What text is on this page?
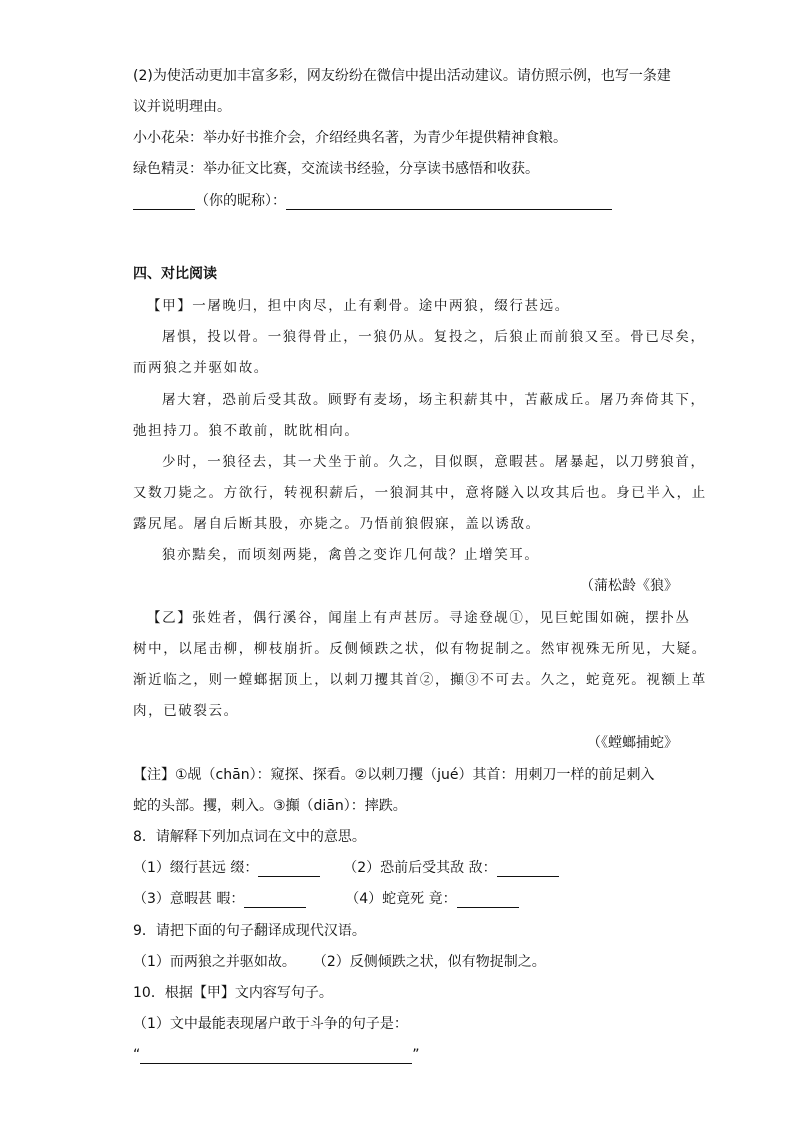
(2)为使活动更加丰富多彩，网友纷纷在微信中提出活动建议。请仿照示例，也写一条建
议并说明理由。
小小花朵：举办好书推介会，介绍经典名著，为青少年提供精神食粮。
绿色精灵：举办征文比赛，交流读书经验，分享读书感悟和收获。
（你的昵称）：
四、对比阅读
【甲】一屠晚归，担中肉尽，止有剩骨。途中两狼，缀行甚远。
屠惧，投以骨。一狼得骨止，一狼仍从。复投之，后狼止而前狼又至。骨已尽矣，
而两狼之并驱如故。
屠大窘，恐前后受其敌。顾野有麦场，场主积薪其中，苫蔽成丘。屠乃奔倚其下，
弛担持刀。狼不敢前，眈眈相向。
少时，一狼径去，其一犬坐于前。久之，目似瞑，意暇甚。屠暴起，以刀劈狼首，
又数刀毙之。方欲行，转视积薪后，一狼洞其中，意将隧入以攻其后也。身已半入，止
露尻尾。屠自后断其股，亦毙之。乃悟前狼假寐，盖以诱敌。
狼亦黠矣，而顷刻两毙，禽兽之变诈几何哉？止增笑耳。
（蒲松龄《狼》
【乙】张姓者，偶行溪谷，闻崖上有声甚厉。寻途登觇①，见巨蛇围如碗，摆扑丛
树中，以尾击柳，柳枝崩折。反侧倾跌之状，似有物捉制之。然审视殊无所见，大疑。
渐近临之，则一螳螂据顶上，以刺刀攫其首②，攧③不可去。久之，蛇竟死。视额上革
肉，已破裂云。
（《螳螂捕蛇》
【注】①觇（chān）：窥探、探看。②以刺刀攫（jué）其首：用刺刀一样的前足刺入
蛇的头部。攫，刺入。③攧（diān）：摔跌。
8．请解释下列加点词在文中的意思。
（1）缀行甚远 缀：	（2）恐前后受其敌 敌：
（3）意暇甚 暇：	（4）蛇竟死 竟：
9．请把下面的句子翻译成现代汉语。
（1）而两狼之并驱如故。 （2）反侧倾跌之状，似有物捉制之。
10．根据【甲】文内容写句子。
（1）文中最能表现屠户敢于斗争的句子是：
“	”
